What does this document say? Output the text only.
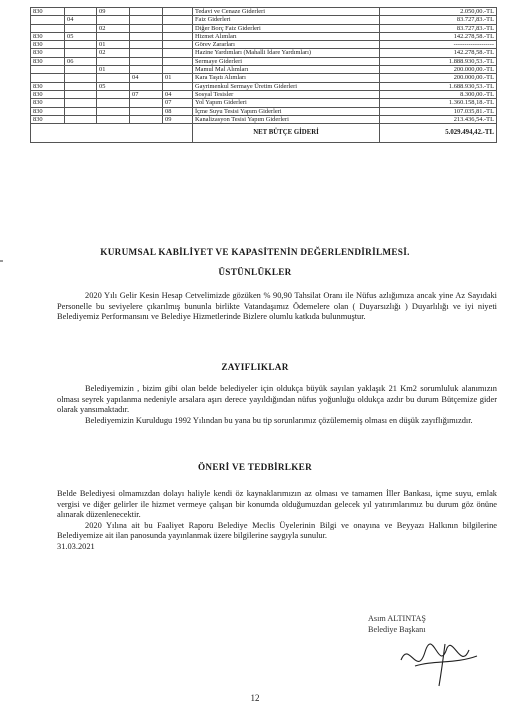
830		09			Tedavi ve Cenaze Giderleri	2.050,00.-TL
	04				Faiz Giderleri	83.727,83.-TL
		02			Diğer Borç Faiz Giderleri	83.727,83.-TL
830	05				Hizmet Alımları	142.278,58.-TL
830		01			Görev Zararları	-------------------
830		02			Hazine Yardımları (Mahalli İdare Yardımları)	142.278,58.-TL
830	06				Sermaye Giderleri	1.888.930,53.-TL
		01			Mamul Mal Alımları	200.000,00.-TL
			04	01	Kara Taşıtı Alımları	200.000,00.-TL
830		05			Gayrimenkul Sermaye Üretim Giderleri	1.688.930,53.-TL
830			07	04	Sosyal Tesisler	8.300,00.-TL
830				07	Yol Yapım Giderleri	1.360.158,18.-TL
830				08	İçme Suyu Tesisi Yapım Giderleri	107.035,81.-TL
830				09	Kanalizasyon Tesisi Yapım Giderleri	213.436,54.-TL
					NET BÜTÇE GİDERİ	5.029.494,42.-TL
KURUMSAL KABİLİYET VE KAPASİTENİN DEĞERLENDİRİLMESİ.
ÜSTÜNLÜKLER

2020 Yılı Gelir Kesin Hesap Cetvelimizde gözüken % 90,90 Tahsilat Oranı ile Nüfus azlığımıza ancak yine Az Sayıdaki Personelle bu seviyelere çıkarılmış bununla birlikte Vatandaşımız Ödemelere olan ( Duyarsızlığı ) Duyarlılığı ve iyi niyeti Belediyemiz Performansını ve Belediye Hizmetlerinde Bizlere olumlu katkıda bulunmuştur.

ZAYIFLIKLAR

Belediyemizin , bizim gibi olan belde belediyeler için oldukça büyük sayılan yaklaşık 21 Km2 sorumluluk alanımızın olması seyrek yapılanma nedeniyle arsalara aşırı derece yayıldığından nüfus yoğunluğu oldukça azdır bu durum Bütçemize gider olarak yansımaktadır.

Belediyemizin Kuruldugu 1992 Yılından bu yana bu tip sorunlarımız çözülememiş olması en düşük zayıflığımızdır.

ÖNERİ VE TEDBİRLKER

Belde Belediyesi olmamızdan dolayı haliyle kendi öz kaynaklarımızın az olması ve tamamen İller Bankası, içme suyu, emlak vergisi ve diğer gelirler ile hizmet vermeye çalışan bir konumda olduğumuzdan gelecek yıl yatırımlarımız bu durum göz önüne alınarak düzenlenecektir.

2020 Yılına ait bu Faaliyet Raporu Belediye Meclis Üyelerinin Bilgi ve onayına ve Beyyazı Halkının bilgilerine Belediyemize ait ilan panosunda yayınlanmak üzere bilgilerine saygıyla sunulur.

31.03.2021

Asım ALTINTAŞ
Belediye Başkanı
12
